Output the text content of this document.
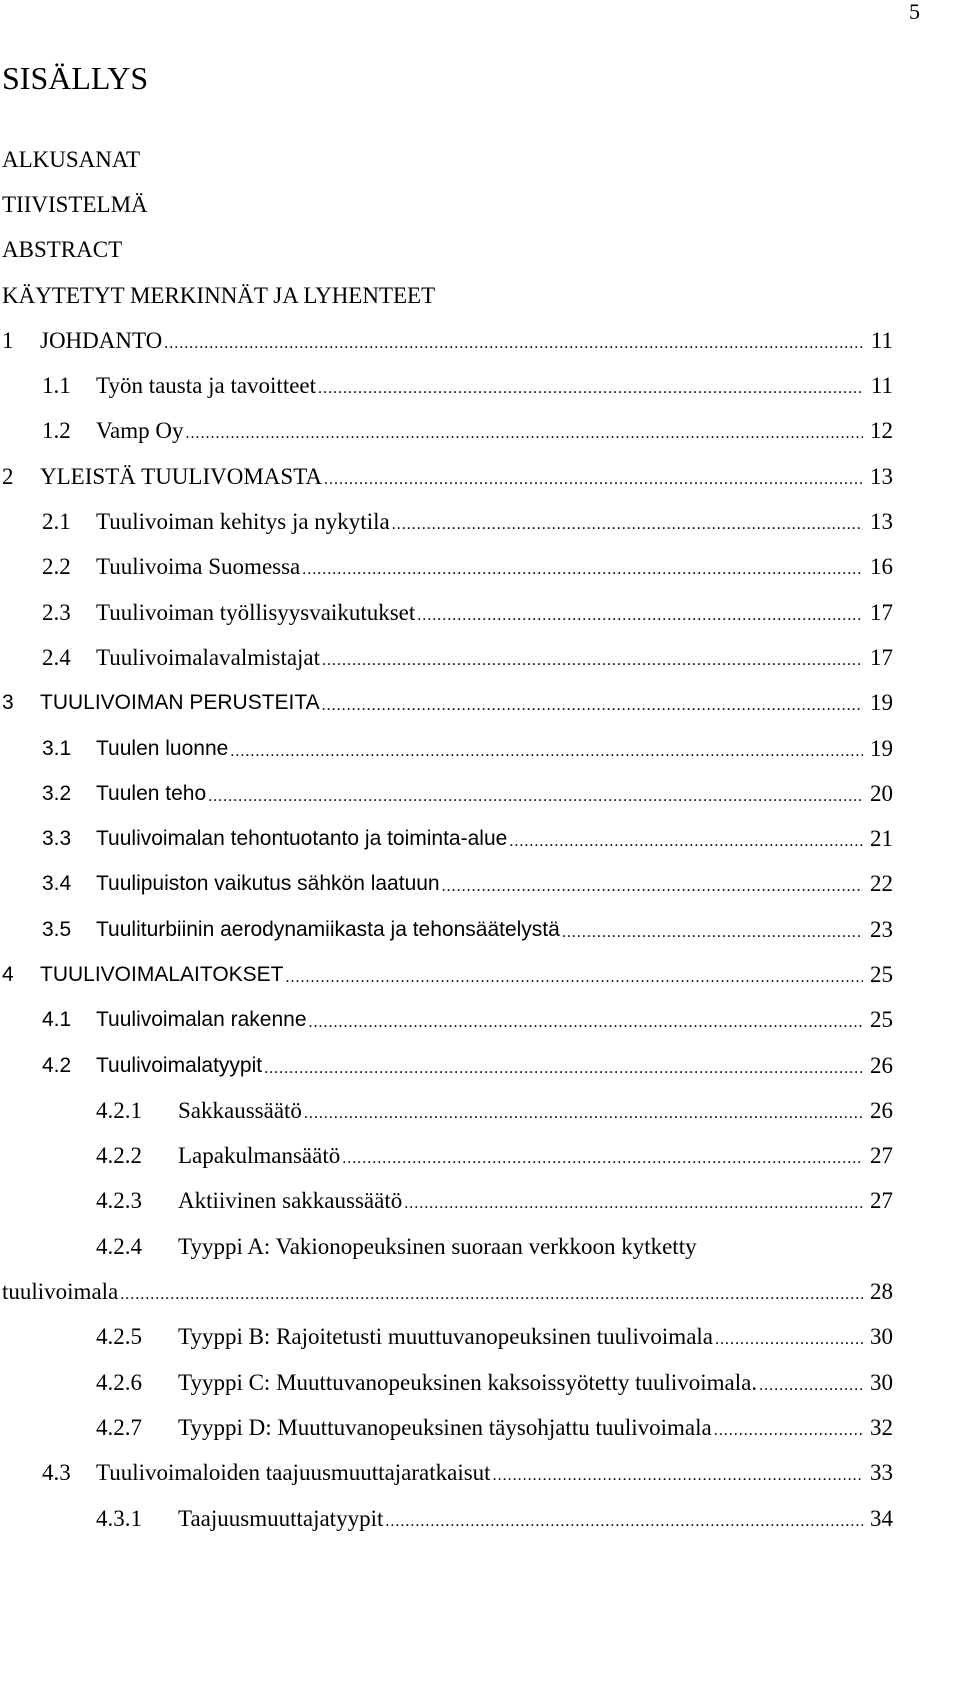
5
SISÄLLYS
ALKUSANAT
TIIVISTELMÄ
ABSTRACT
KÄYTETYT MERKINNÄT JA LYHENTEET
1	JOHDANTO .....	11
1.1	Työn tausta ja tavoitteet .....	11
1.2	Vamp Oy .....	12
2	YLEISTÄ TUULIVOMASTA .....	13
2.1	Tuulivoiman kehitys ja nykytila .....	13
2.2	Tuulivoima Suomessa .....	16
2.3	Tuulivoiman työllisyysvaikutukset .....	17
2.4	Tuulivoimalavalmistajat .....	17
3	TUULIVOIMAN PERUSTEITA .....	19
3.1	Tuulen luonne .....	19
3.2	Tuulen teho .....	20
3.3	Tuulivoimalan tehontuotanto ja toiminta-alue .....	21
3.4	Tuulipuiston vaikutus sähkön laatuun .....	22
3.5	Tuuliturbiinin aerodynamiikasta ja tehonsäätelystä .....	23
4	TUULIVOIMALAITOKSET .....	25
4.1	Tuulivoimalan rakenne .....	25
4.2	Tuulivoimalatyypit .....	26
4.2.1	Sakkaussäätö .....	26
4.2.2	Lapakulmansäätö .....	27
4.2.3	Aktiivinen sakkaussäätö .....	27
4.2.4	Tyyppi A: Vakionopeuksinen suoraan verkkoon kytketty
tuulivoimala .....	28
4.2.5	Tyyppi B: Rajoitetusti muuttuvanopeuksinen tuulivoimala .....	30
4.2.6	Tyyppi C: Muuttuvanopeuksinen kaksoissyötetty tuulivoimala. .....	30
4.2.7	Tyyppi D: Muuttuvanopeuksinen täysohjattu tuulivoimala .....	32
4.3	Tuulivoimaloiden taajuusmuuttajaratkaisut .....	33
4.3.1	Taajuusmuuttajatyypit .....	34
